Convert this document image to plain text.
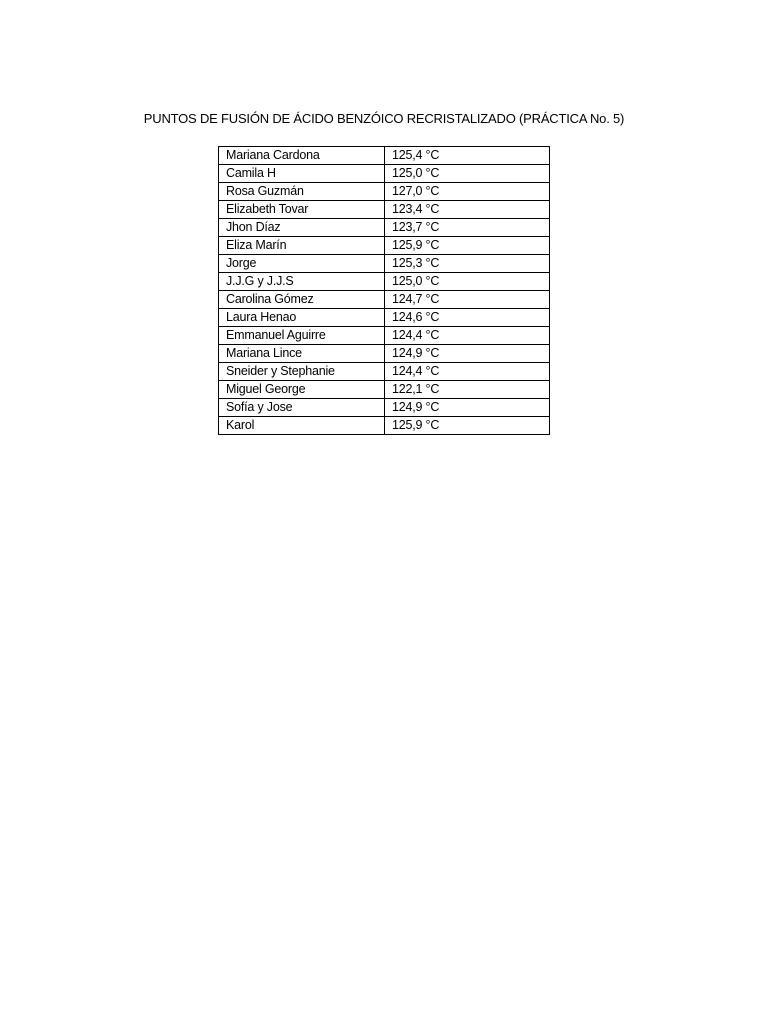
PUNTOS DE FUSIÓN DE ÁCIDO BENZÓICO RECRISTALIZADO (PRÁCTICA No. 5)
Mariana Cardona	125,4 °C
Camila H	125,0 °C
Rosa Guzmán	127,0 °C
Elizabeth Tovar	123,4 °C
Jhon Díaz	123,7 °C
Eliza Marín	125,9 °C
Jorge	125,3 °C
J.J.G y J.J.S	125,0 °C
Carolina Gómez	124,7 °C
Laura Henao	124,6 °C
Emmanuel Aguirre	124,4 °C
Mariana Lince	124,9 °C
Sneider y Stephanie	124,4 °C
Miguel George	122,1 °C
Sofía y Jose	124,9 °C
Karol	125,9 °C
